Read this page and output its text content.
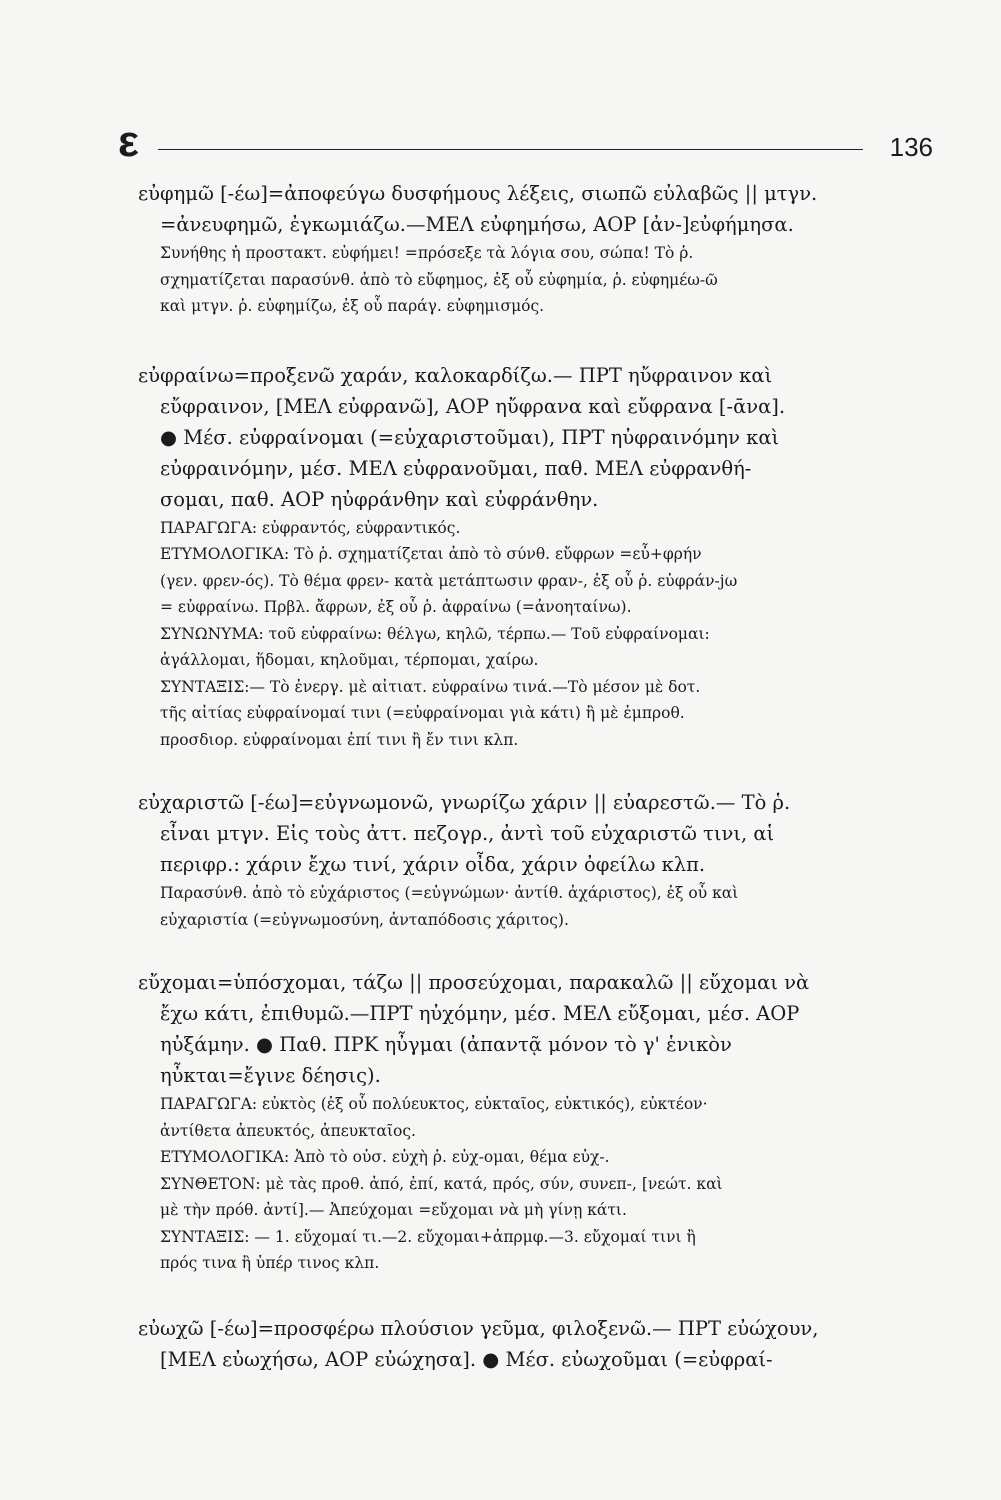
ε	136
εὐφημῶ [-έω]=ἀποφεύγω δυσφήμους λέξεις, σιωπῶ εὐλαβῶς || μτγν.
=ἀνευφημῶ, ἐγκωμιάζω.—ΜΕΛ εὐφημήσω, ΑΟΡ [ἀν-]εὐφήμησα.
Συνήθης ἡ προστακτ. εὐφήμει! =πρόσεξε τὰ λόγια σου, σώπα! Τὸ ῥ.
σχηματίζεται παρασύνθ. ἀπὸ τὸ εὔφημος, ἐξ οὗ εὐφημία, ῥ. εὐφημέω-ῶ
καὶ μτγν. ῥ. εὐφημίζω, ἐξ οὗ παράγ. εὐφημισμός.
εὐφραίνω=προξενῶ χαράν, καλοκαρδίζω.— ΠΡΤ ηὔφραινον καὶ
εὔφραινον, [ΜΕΛ εὐφρανῶ], ΑΟΡ ηὔφρανα καὶ εὔφρανα [-ᾱνα].
● Μέσ. εὐφραίνομαι (=εὐχαριστοῦμαι), ΠΡΤ ηὐφραινόμην καὶ
εὐφραινόμην, μέσ. ΜΕΛ εὐφρανοῦμαι, παθ. ΜΕΛ εὐφρανθή-
σομαι, παθ. ΑΟΡ ηὐφράνθην καὶ εὐφράνθην.
ΠΑΡΑΓΩΓΑ: εὐφραντός, εὐφραντικός.
ΕΤΥΜΟΛΟΓΙΚΑ: Τὸ ῥ. σχηματίζεται ἀπὸ τὸ σύνθ. εὔφρων =εὖ+φρήν
(γεν. φρεν-ός). Τὸ θέμα φρεν- κατὰ μετάπτωσιν φραν-, ἐξ οὗ ῥ. εὐφράν-jω
= εὐφραίνω. Πρβλ. ἄφρων, ἐξ οὗ ῥ. ἀφραίνω (=ἀνοηταίνω).
ΣΥΝΩΝΥΜΑ: τοῦ εὐφραίνω: θέλγω, κηλῶ, τέρπω.— Τοῦ εὐφραίνομαι:
ἀγάλλομαι, ἥδομαι, κηλοῦμαι, τέρπομαι, χαίρω.
ΣΥΝΤΑΞΙΣ:— Τὸ ἐνεργ. μὲ αἰτιατ. εὐφραίνω τινά.—Τὸ μέσον μὲ δοτ.
τῆς αἰτίας εὐφραίνομαί τινι (=εὐφραίνομαι γιὰ κάτι) ἢ μὲ ἐμπροθ.
προσδιορ. εὐφραίνομαι ἐπί τινι ἢ ἔν τινι κλπ.
εὐχαριστῶ [-έω]=εὐγνωμονῶ, γνωρίζω χάριν || εὐαρεστῶ.— Τὸ ῥ.
εἶναι μτγν. Εἰς τοὺς ἀττ. πεζογρ., ἀντὶ τοῦ εὐχαριστῶ τινι, αἱ
περιφρ.: χάριν ἔχω τινί, χάριν οἶδα, χάριν ὀφείλω κλπ.
Παρασύνθ. ἀπὸ τὸ εὐχάριστος (=εὐγνώμων· ἀντίθ. ἀχάριστος), ἐξ οὗ καὶ
εὐχαριστία (=εὐγνωμοσύνη, ἀνταπόδοσις χάριτος).
εὔχομαι=ὑπόσχομαι, τάζω || προσεύχομαι, παρακαλῶ || εὔχομαι νὰ
ἔχω κάτι, ἐπιθυμῶ.—ΠΡΤ ηὐχόμην, μέσ. ΜΕΛ εὔξομαι, μέσ. ΑΟΡ
ηὐξάμην. ● Παθ. ΠΡΚ ηὖγμαι (ἀπαντᾷ μόνον τὸ γ' ἑνικὸν
ηὖκται=ἔγινε δέησις).
ΠΑΡΑΓΩΓΑ: εὐκτὸς (ἐξ οὗ πολύευκτος, εὐκταῖος, εὐκτικός), εὐκτέον·
ἀντίθετα ἀπευκτός, ἀπευκταῖος.
ΕΤΥΜΟΛΟΓΙΚΑ: Ἀπὸ τὸ οὐσ. εὐχὴ ῥ. εὐχ-ομαι, θέμα εὐχ-.
ΣΥΝΘΕΤΟΝ: μὲ τὰς προθ. ἀπό, ἐπί, κατά, πρός, σύν, συνεπ-, [νεώτ. καὶ
μὲ τὴν πρόθ. ἀντί].— Ἀπεύχομαι =εὔχομαι νὰ μὴ γίνῃ κάτι.
ΣΥΝΤΑΞΙΣ: — 1. εὔχομαί τι.—2. εὔχομαι+ἀπρμφ.—3. εὔχομαί τινι ἢ
πρός τινα ἢ ὑπέρ τινος κλπ.
εὐωχῶ [-έω]=προσφέρω πλούσιον γεῦμα, φιλοξενῶ.— ΠΡΤ εὐώχουν,
[ΜΕΛ εὐωχήσω, ΑΟΡ εὐώχησα]. ● Μέσ. εὐωχοῦμαι (=εὐφραί-
